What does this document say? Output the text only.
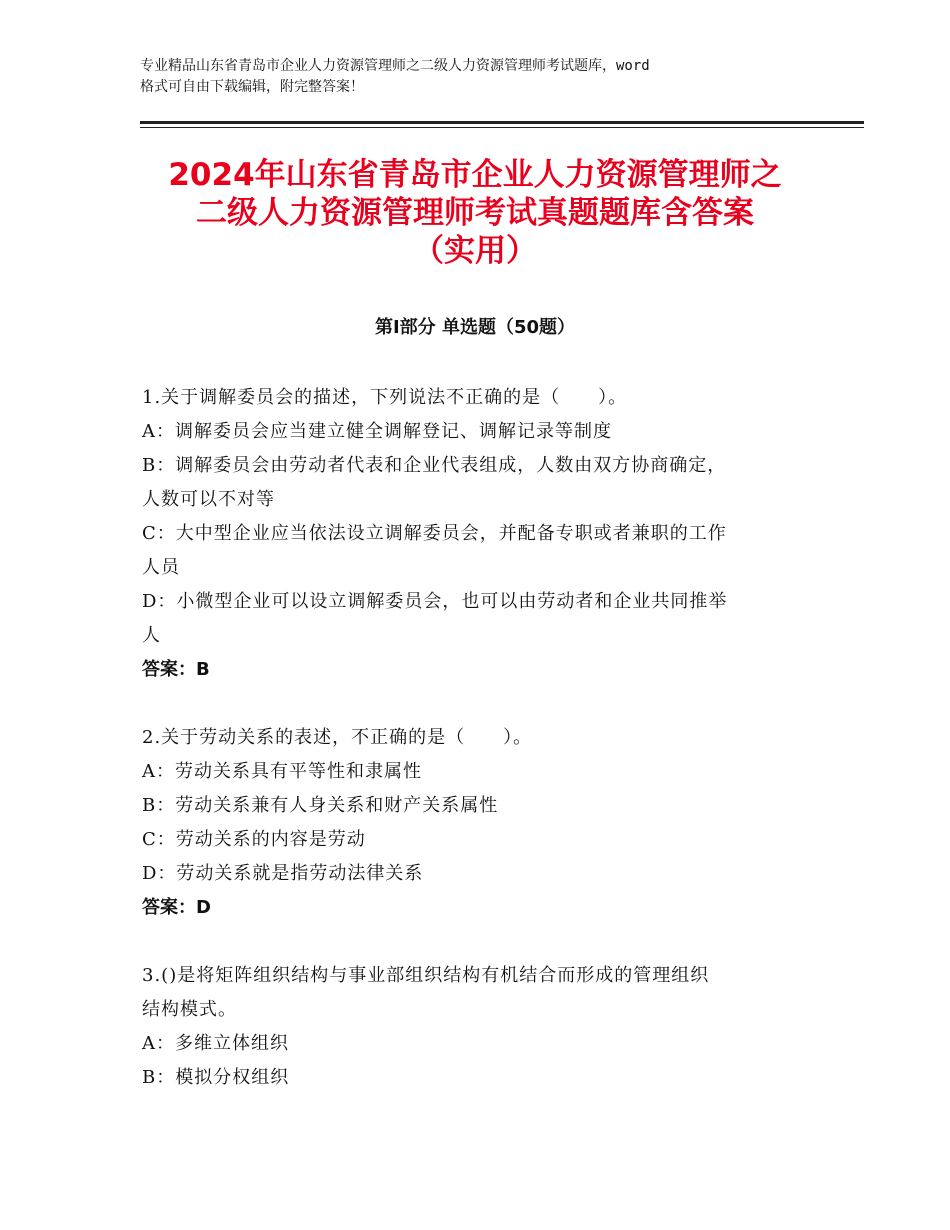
专业精品山东省青岛市企业人力资源管理师之二级人力资源管理师考试题库，word
格式可自由下载编辑，附完整答案！
2024年山东省青岛市企业人力资源管理师之
二级人力资源管理师考试真题题库含答案
（实用）
第Ⅰ部分 单选题（50题）
1.关于调解委员会的描述，下列说法不正确的是（　　）。
A：调解委员会应当建立健全调解登记、调解记录等制度
B：调解委员会由劳动者代表和企业代表组成，人数由双方协商确定，
人数可以不对等
C：大中型企业应当依法设立调解委员会，并配备专职或者兼职的工作
人员
D：小微型企业可以设立调解委员会，也可以由劳动者和企业共同推举
人
答案：B
2.关于劳动关系的表述，不正确的是（　　）。
A：劳动关系具有平等性和隶属性
B：劳动关系兼有人身关系和财产关系属性
C：劳动关系的内容是劳动
D：劳动关系就是指劳动法律关系
答案：D
3.()是将矩阵组织结构与事业部组织结构有机结合而形成的管理组织
结构模式。
A：多维立体组织
B：模拟分权组织
